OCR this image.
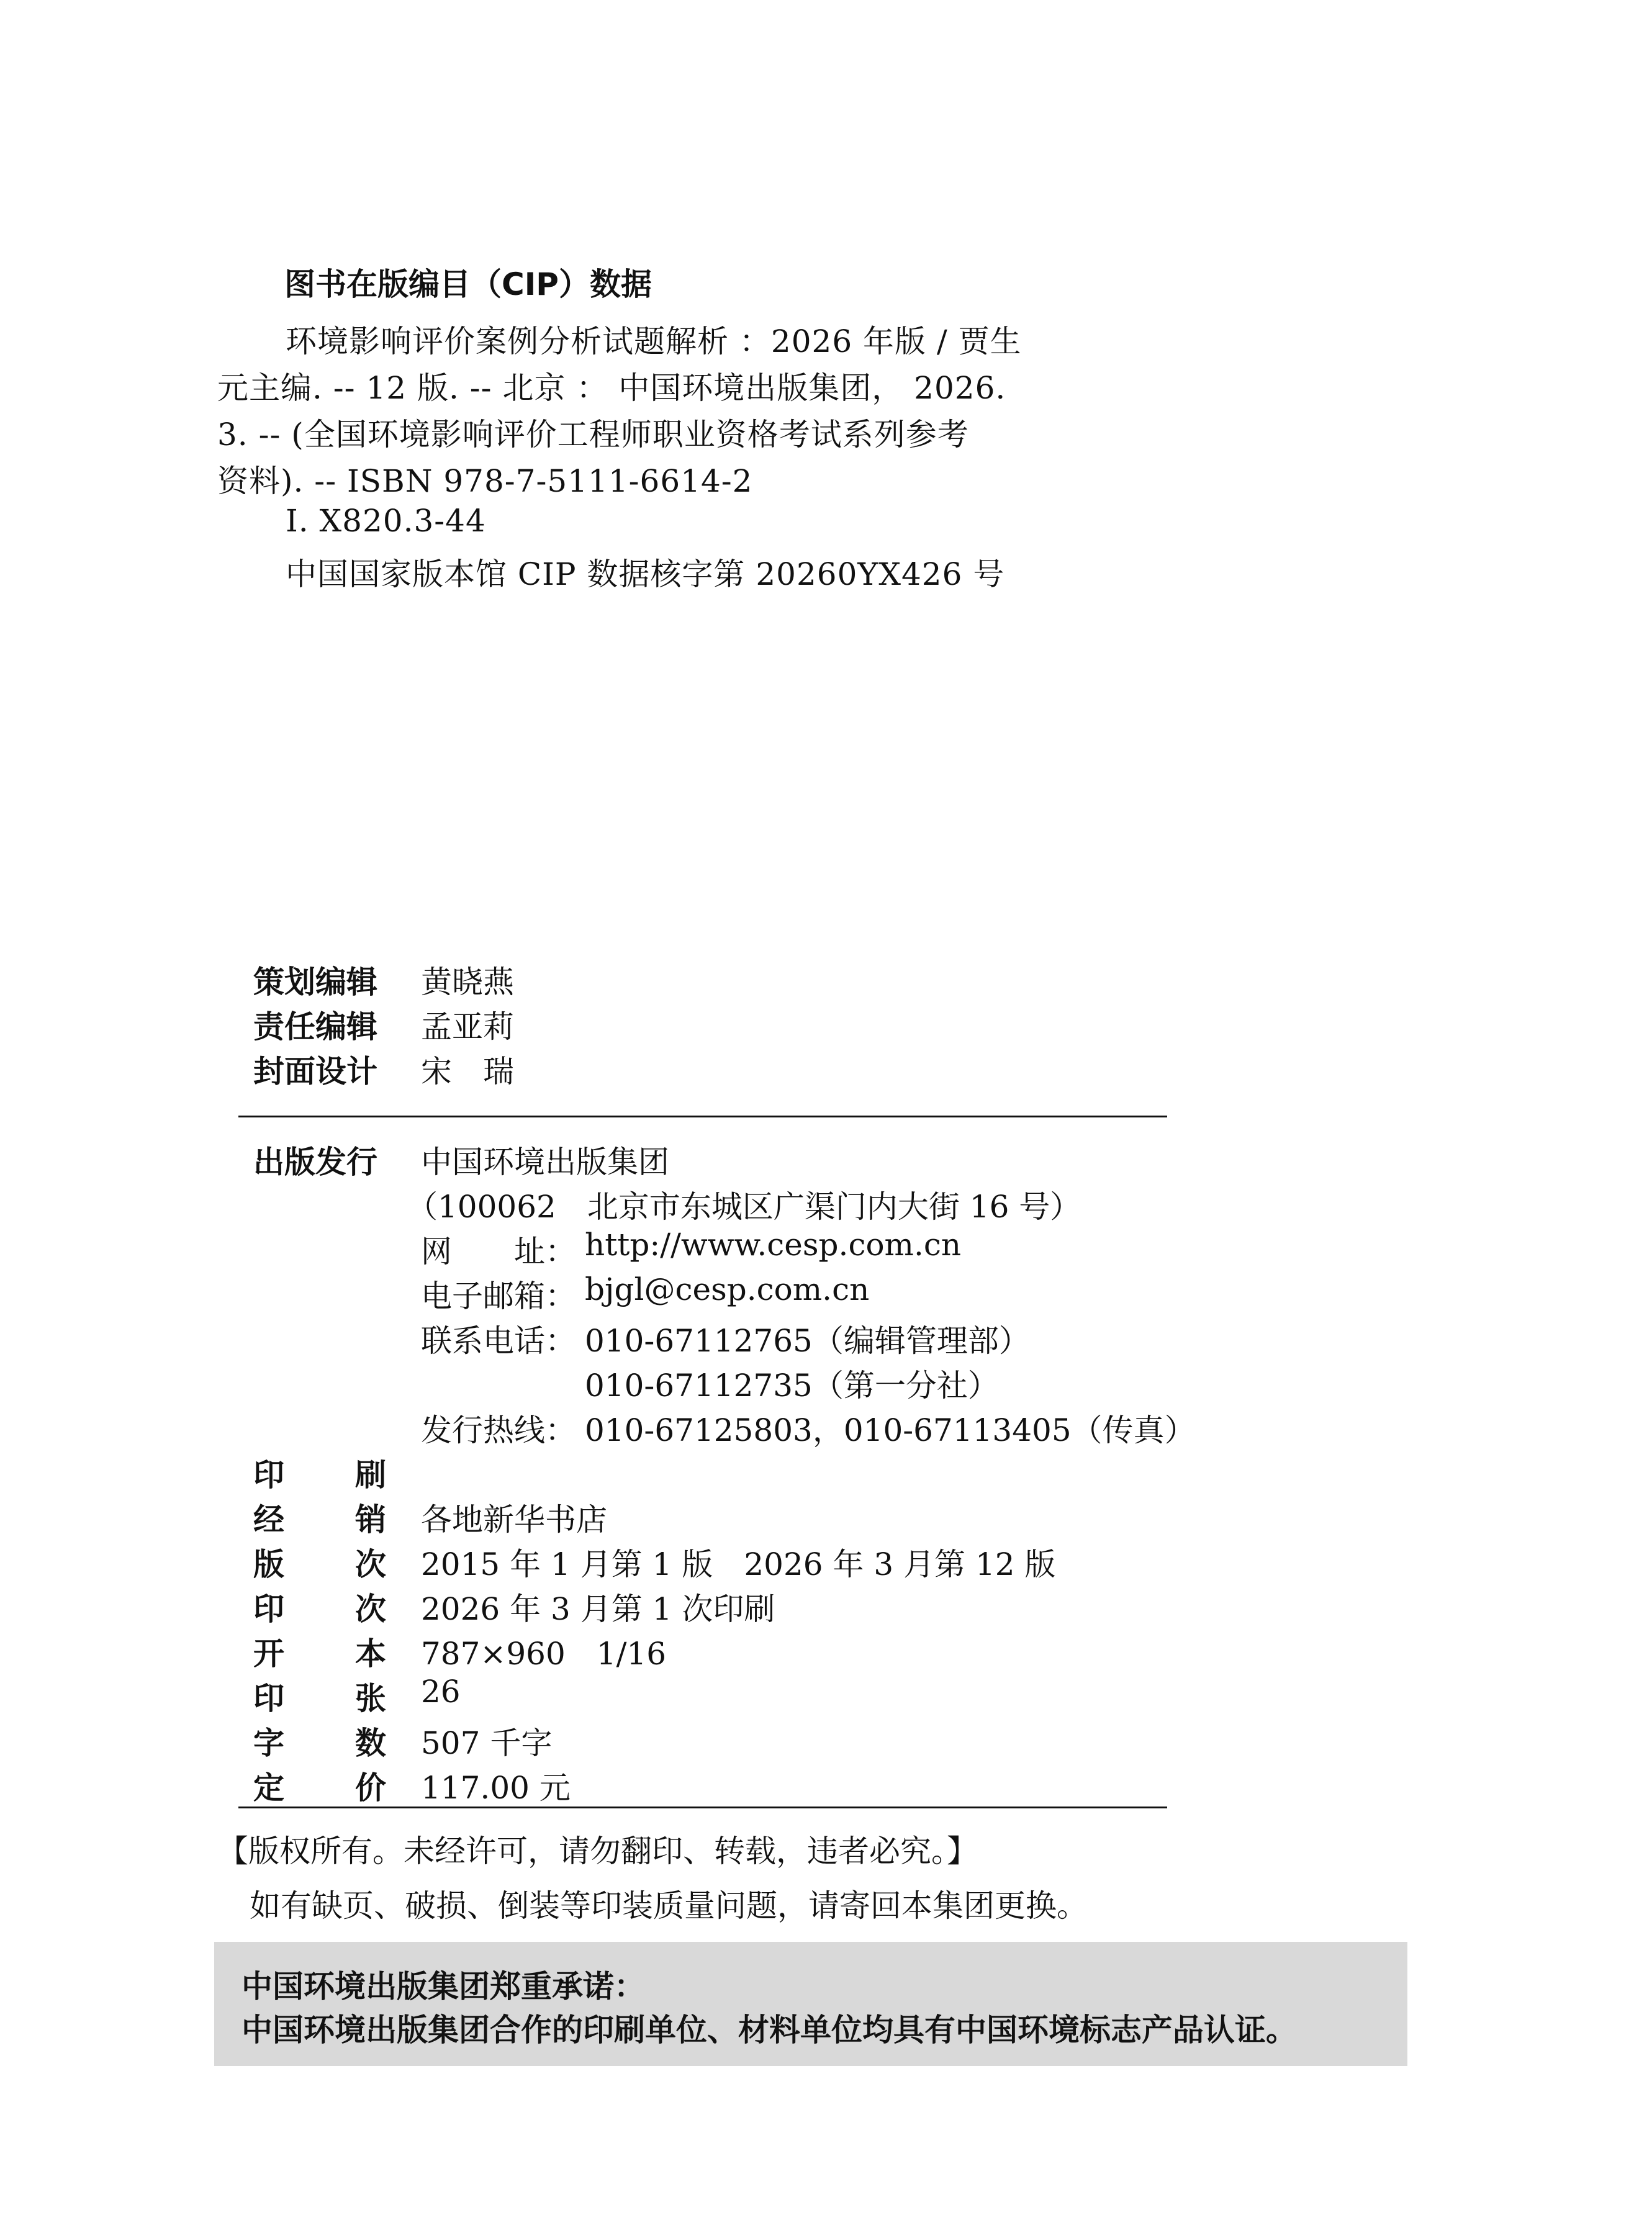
图书在版编目（CIP）数据
环境影响评价案例分析试题解析 ：2026 年版 / 贾生
元主编. -- 12 版. -- 北京 ： 中国环境出版集团， 2026.
3. -- (全国环境影响评价工程师职业资格考试系列参考
资料). -- ISBN 978-7-5111-6614-2
Ⅰ. X820.3-44
中国国家版本馆 CIP 数据核字第 20260YX426 号
策划编辑 黄晓燕
责任编辑 孟亚莉
封面设计 宋　瑞
出版发行 中国环境出版集团
（100062　北京市东城区广渠门内大街 16 号）
网　　址： http://www.cesp.com.cn
电子邮箱： bjgl@cesp.com.cn
联系电话： 010-67112765（编辑管理部）
010-67112735（第一分社）
发行热线： 010-67125803，010-67113405（传真）
印 刷
经 销 各地新华书店
版 次 2015 年 1 月第 1 版　2026 年 3 月第 12 版
印 次 2026 年 3 月第 1 次印刷
开 本 787×960　1/16
印 张 26
字 数 507 千字
定 价 117.00 元
【版权所有。未经许可，请勿翻印、转载，违者必究。】
如有缺页、破损、倒装等印装质量问题，请寄回本集团更换。
中国环境出版集团郑重承诺：
中国环境出版集团合作的印刷单位、材料单位均具有中国环境标志产品认证。
